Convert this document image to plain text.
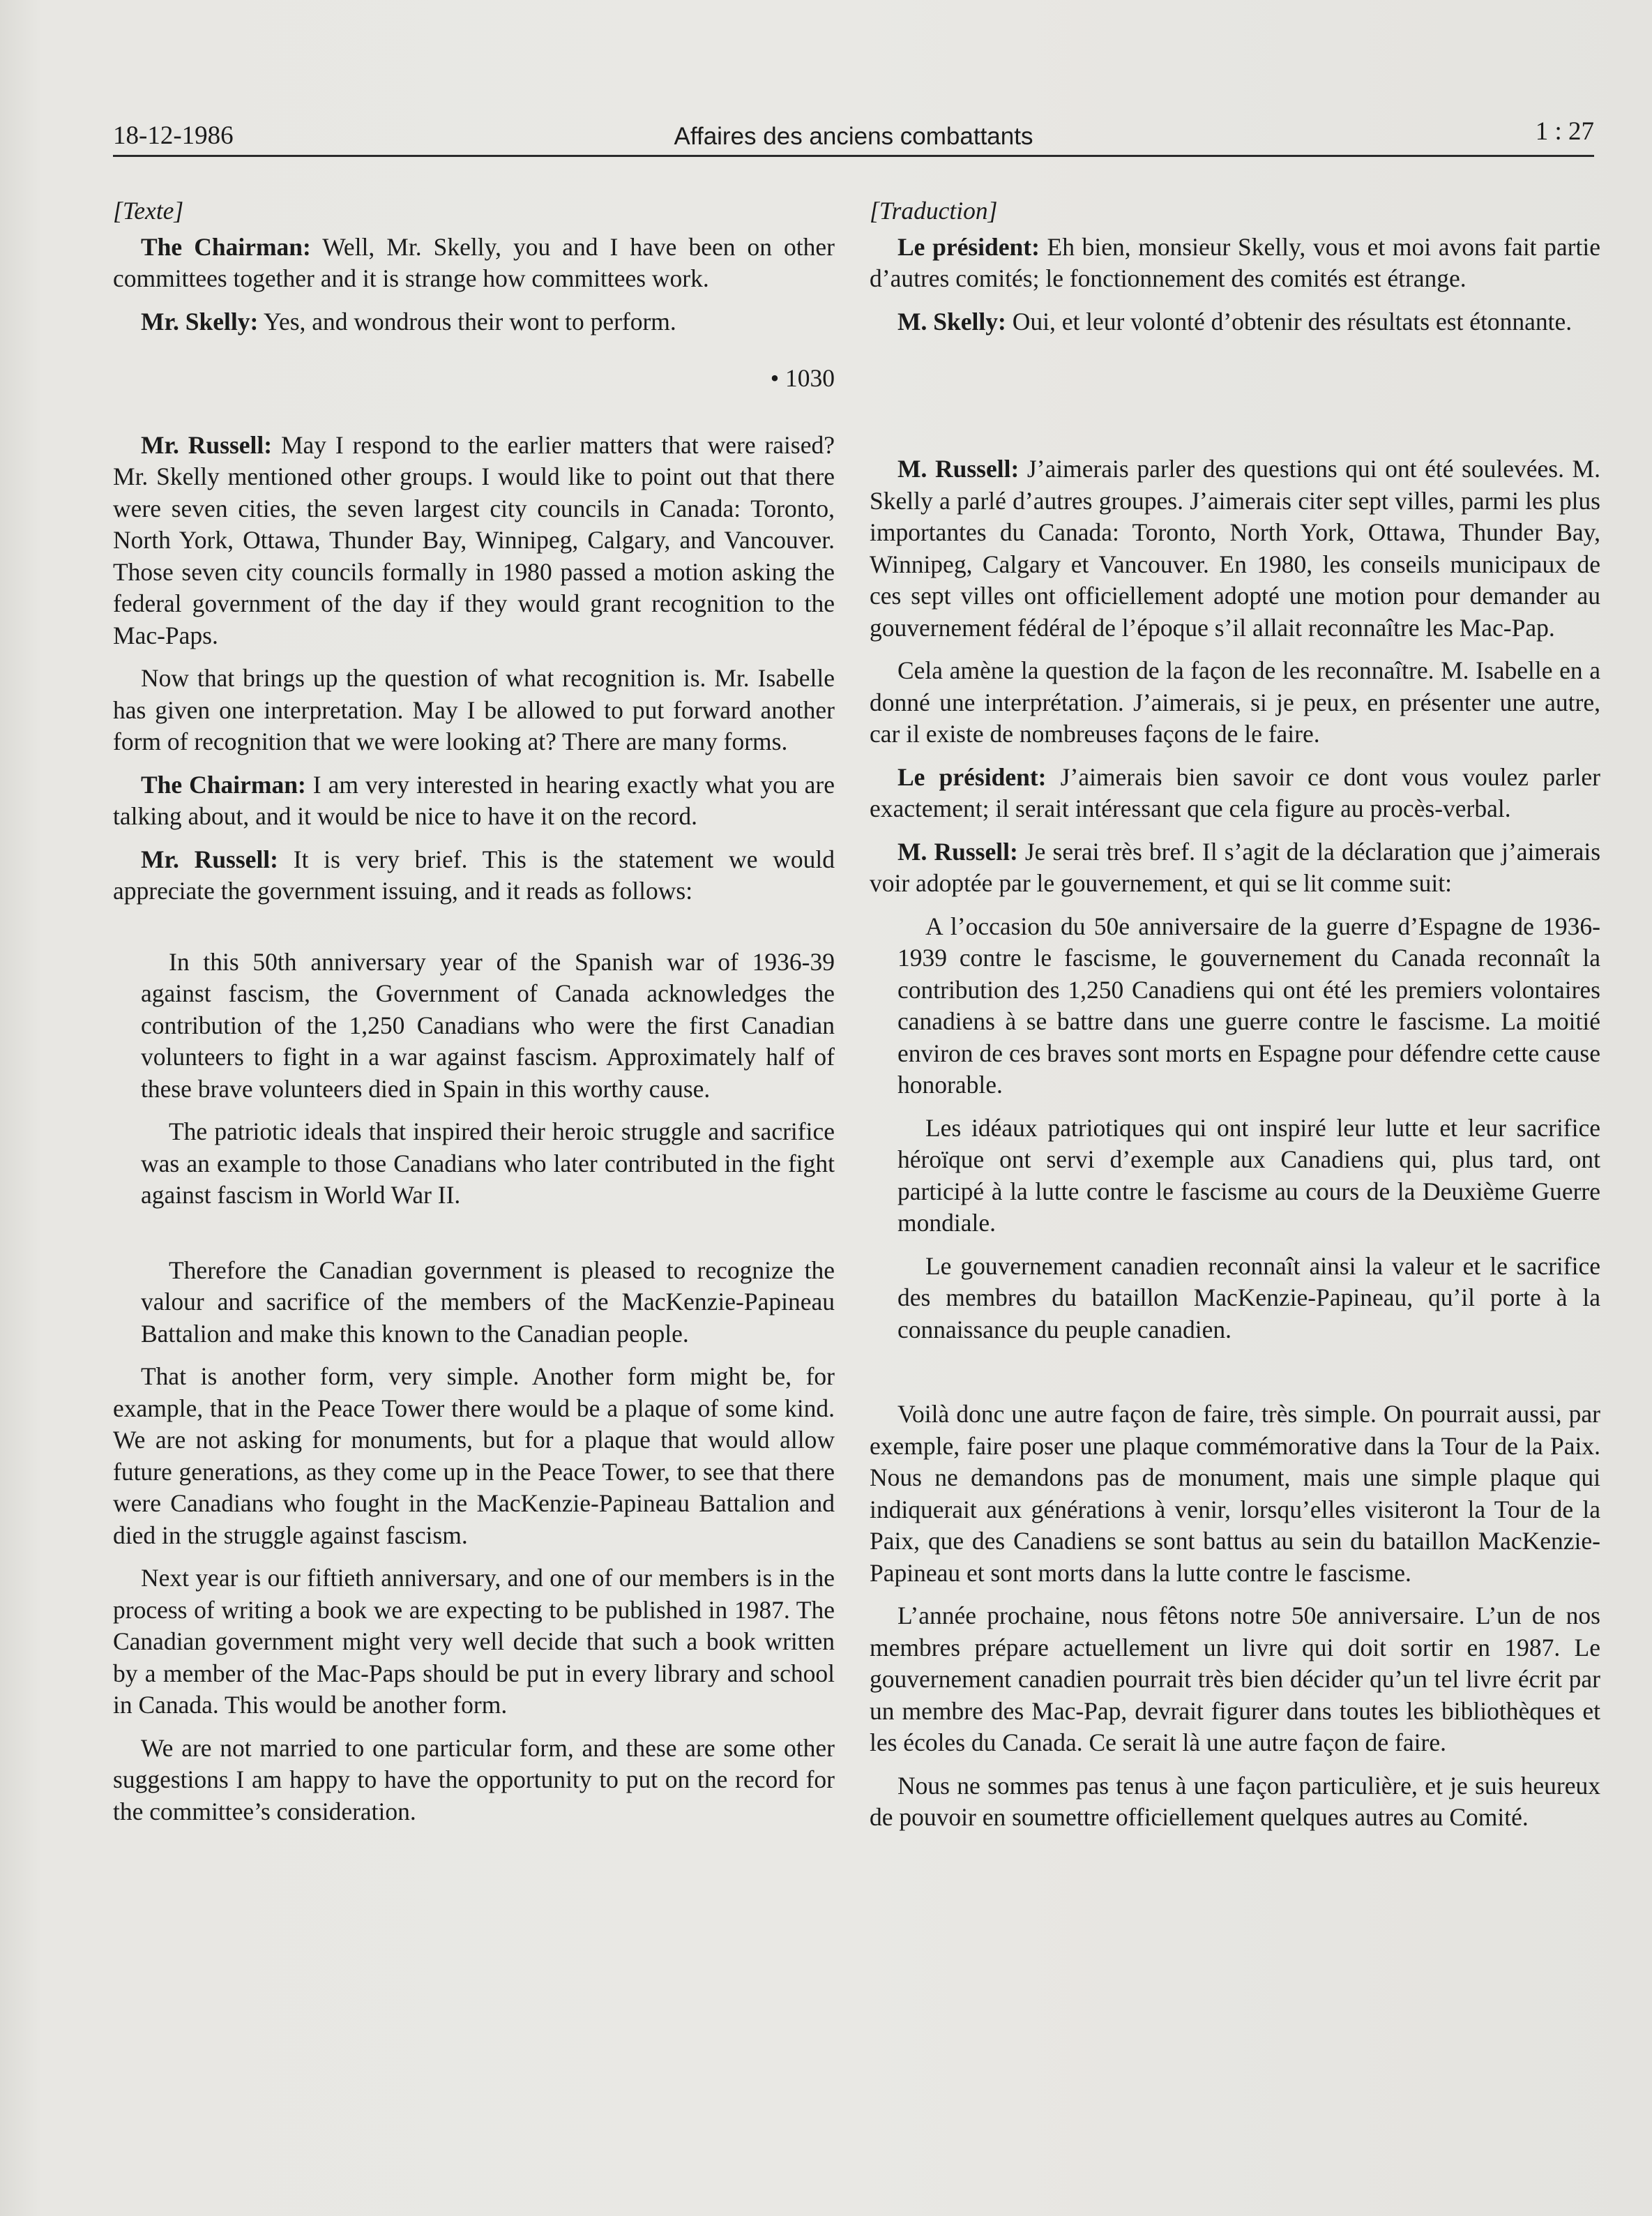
18-12-1986	Affaires des anciens combattants	1 : 27
[Texte]

The Chairman: Well, Mr. Skelly, you and I have been on other committees together and it is strange how committees work.

Mr. Skelly: Yes, and wondrous their wont to perform.

• 1030

Mr. Russell: May I respond to the earlier matters that were raised? Mr. Skelly mentioned other groups. I would like to point out that there were seven cities, the seven largest city councils in Canada: Toronto, North York, Ottawa, Thunder Bay, Winnipeg, Calgary, and Vancouver. Those seven city councils formally in 1980 passed a motion asking the federal government of the day if they would grant recognition to the Mac-Paps.

Now that brings up the question of what recognition is. Mr. Isabelle has given one interpretation. May I be allowed to put forward another form of recognition that we were looking at? There are many forms.

The Chairman: I am very interested in hearing exactly what you are talking about, and it would be nice to have it on the record.

Mr. Russell: It is very brief. This is the statement we would appreciate the government issuing, and it reads as follows:

In this 50th anniversary year of the Spanish war of 1936-39 against fascism, the Government of Canada acknowledges the contribution of the 1,250 Canadians who were the first Canadian volunteers to fight in a war against fascism. Approximately half of these brave volunteers died in Spain in this worthy cause.

The patriotic ideals that inspired their heroic struggle and sacrifice was an example to those Canadians who later contributed in the fight against fascism in World War II.

Therefore the Canadian government is pleased to recognize the valour and sacrifice of the members of the MacKenzie-Papineau Battalion and make this known to the Canadian people.

That is another form, very simple. Another form might be, for example, that in the Peace Tower there would be a plaque of some kind. We are not asking for monuments, but for a plaque that would allow future generations, as they come up in the Peace Tower, to see that there were Canadians who fought in the MacKenzie-Papineau Battalion and died in the struggle against fascism.

Next year is our fiftieth anniversary, and one of our members is in the process of writing a book we are expecting to be published in 1987. The Canadian government might very well decide that such a book written by a member of the Mac-Paps should be put in every library and school in Canada. This would be another form.

We are not married to one particular form, and these are some other suggestions I am happy to have the opportunity to put on the record for the committee’s consideration.

[Traduction]

Le président: Eh bien, monsieur Skelly, vous et moi avons fait partie d’autres comités; le fonctionnement des comités est étrange.

M. Skelly: Oui, et leur volonté d’obtenir des résultats est étonnante.

M. Russell: J’aimerais parler des questions qui ont été soulevées. M. Skelly a parlé d’autres groupes. J’aimerais citer sept villes, parmi les plus importantes du Canada: Toronto, North York, Ottawa, Thunder Bay, Winnipeg, Calgary et Vancouver. En 1980, les conseils municipaux de ces sept villes ont officiellement adopté une motion pour demander au gouvernement fédéral de l’époque s’il allait reconnaître les Mac-Pap.

Cela amène la question de la façon de les reconnaître. M. Isabelle en a donné une interprétation. J’aimerais, si je peux, en présenter une autre, car il existe de nombreuses façons de le faire.

Le président: J’aimerais bien savoir ce dont vous voulez parler exactement; il serait intéressant que cela figure au procès-verbal.

M. Russell: Je serai très bref. Il s’agit de la déclaration que j’aimerais voir adoptée par le gouvernement, et qui se lit comme suit:

A l’occasion du 50e anniversaire de la guerre d’Espagne de 1936-1939 contre le fascisme, le gouvernement du Canada reconnaît la contribution des 1,250 Canadiens qui ont été les premiers volontaires canadiens à se battre dans une guerre contre le fascisme. La moitié environ de ces braves sont morts en Espagne pour défendre cette cause honorable.

Les idéaux patriotiques qui ont inspiré leur lutte et leur sacrifice héroïque ont servi d’exemple aux Canadiens qui, plus tard, ont participé à la lutte contre le fascisme au cours de la Deuxième Guerre mondiale.

Le gouvernement canadien reconnaît ainsi la valeur et le sacrifice des membres du bataillon MacKenzie-Papineau, qu’il porte à la connaissance du peuple canadien.

Voilà donc une autre façon de faire, très simple. On pourrait aussi, par exemple, faire poser une plaque commémorative dans la Tour de la Paix. Nous ne demandons pas de monument, mais une simple plaque qui indiquerait aux générations à venir, lorsqu’elles visiteront la Tour de la Paix, que des Canadiens se sont battus au sein du bataillon MacKenzie-Papineau et sont morts dans la lutte contre le fascisme.

L’année prochaine, nous fêtons notre 50e anniversaire. L’un de nos membres prépare actuellement un livre qui doit sortir en 1987. Le gouvernement canadien pourrait très bien décider qu’un tel livre écrit par un membre des Mac-Pap, devrait figurer dans toutes les bibliothèques et les écoles du Canada. Ce serait là une autre façon de faire.

Nous ne sommes pas tenus à une façon particulière, et je suis heureux de pouvoir en soumettre officiellement quelques autres au Comité.
